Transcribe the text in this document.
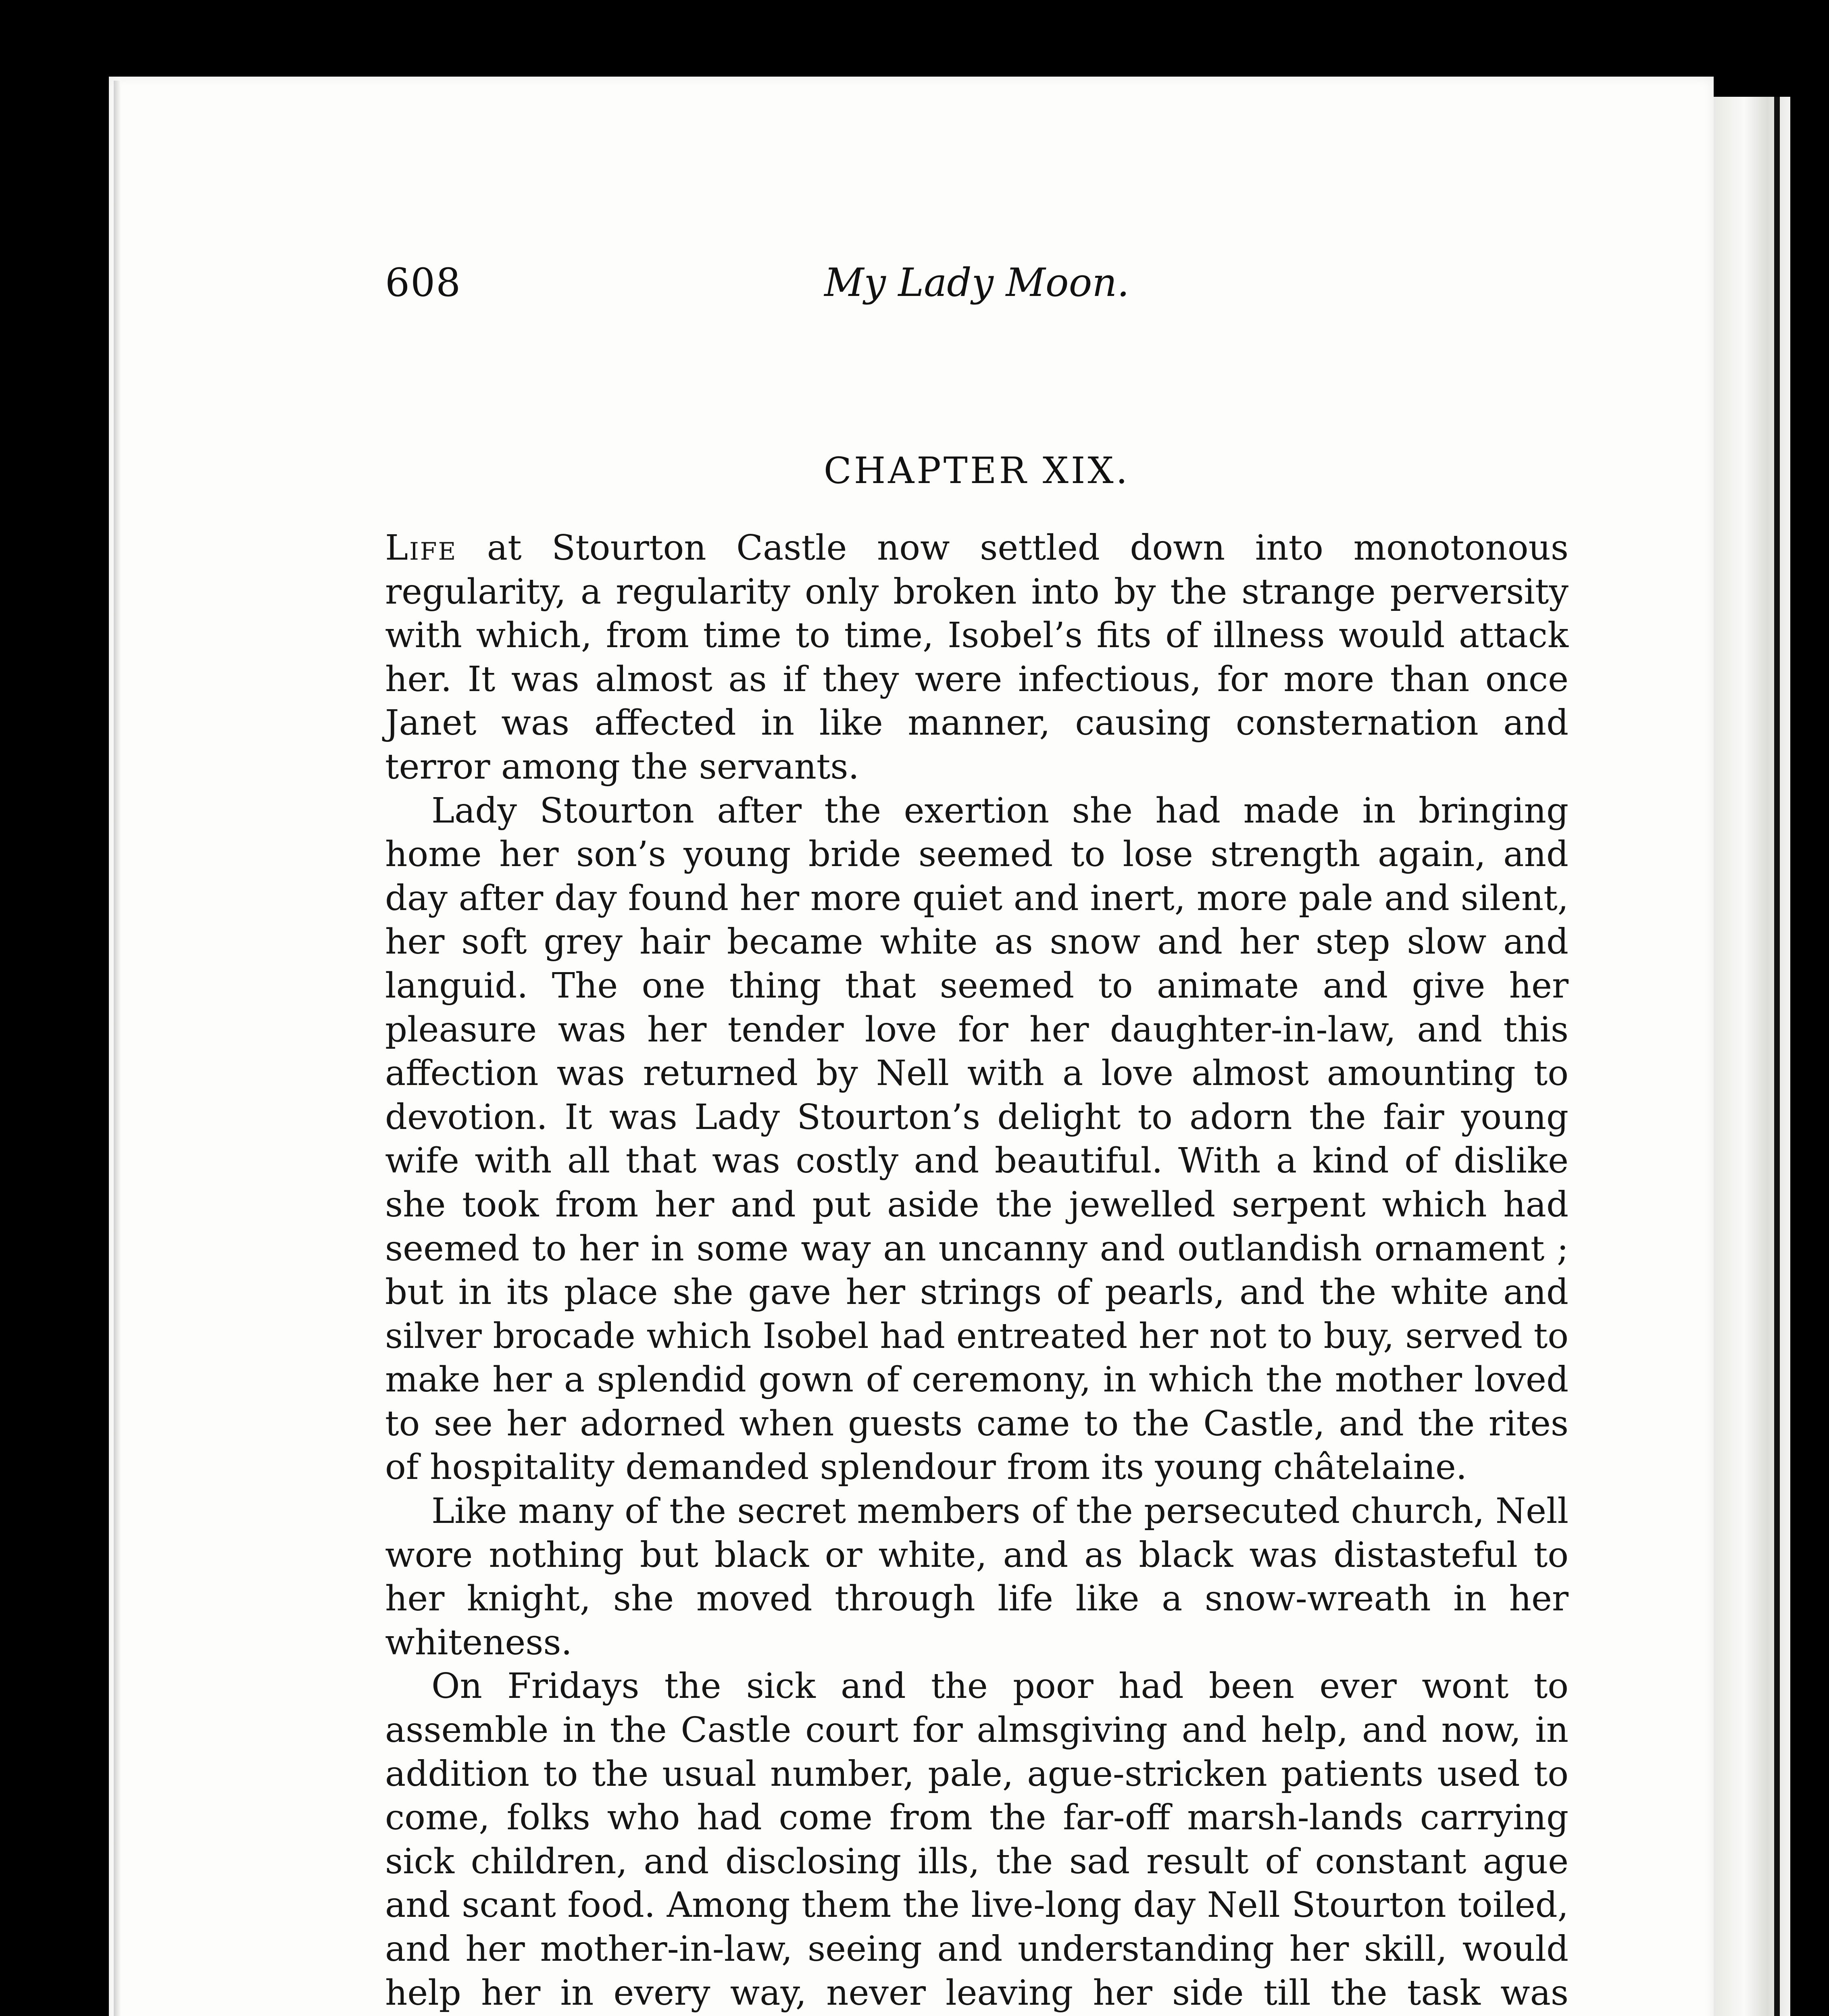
608	My Lady Moon.
CHAPTER XIX.

Life at Stourton Castle now settled down into monotonous regularity, a regularity only broken into by the strange perversity with which, from time to time, Isobel’s fits of illness would attack her. It was almost as if they were infectious, for more than once Janet was affected in like manner, causing consternation and terror among the servants.

Lady Stourton after the exertion she had made in bringing home her son’s young bride seemed to lose strength again, and day after day found her more quiet and inert, more pale and silent, her soft grey hair became white as snow and her step slow and languid. The one thing that seemed to animate and give her pleasure was her tender love for her daughter-in-law, and this affection was returned by Nell with a love almost amounting to devotion. It was Lady Stourton’s delight to adorn the fair young wife with all that was costly and beautiful. With a kind of dislike she took from her and put aside the jewelled serpent which had seemed to her in some way an uncanny and outlandish ornament ; but in its place she gave her strings of pearls, and the white and silver brocade which Isobel had entreated her not to buy, served to make her a splendid gown of ceremony, in which the mother loved to see her adorned when guests came to the Castle, and the rites of hospitality demanded splendour from its young châtelaine.

Like many of the secret members of the persecuted church, Nell wore nothing but black or white, and as black was distasteful to her knight, she moved through life like a snow-wreath in her whiteness.

On Fridays the sick and the poor had been ever wont to assemble in the Castle court for almsgiving and help, and now, in addition to the usual number, pale, ague-stricken patients used to come, folks who had come from the far-off marsh-lands carrying sick children, and disclosing ills, the sad result of constant ague and scant food. Among them the live-long day Nell Stourton toiled, and her mother-in-law, seeing and understanding her skill, would help her in every way, never leaving her side till the task was
